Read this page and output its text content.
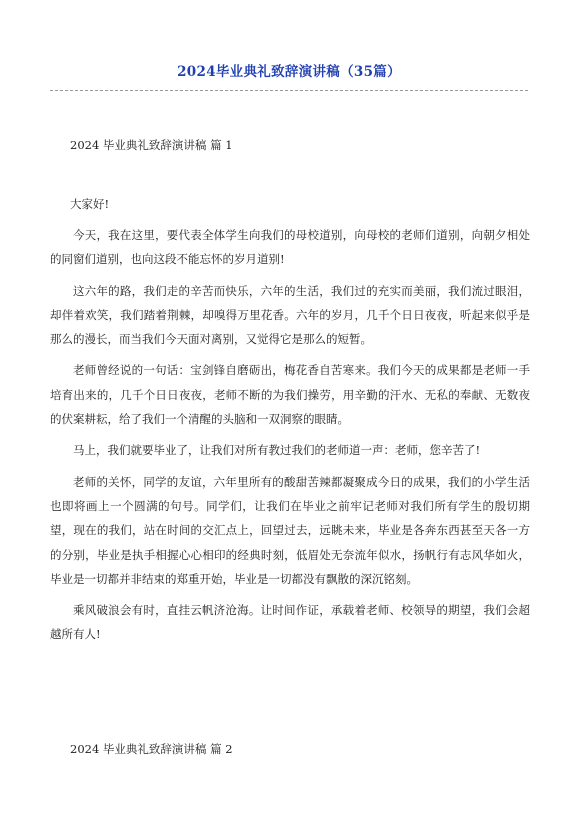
2024毕业典礼致辞演讲稿（35篇）
2024 毕业典礼致辞演讲稿 篇 1
大家好!

今天，我在这里，要代表全体学生向我们的母校道别，向母校的老师们道别，向朝夕相处的同窗们道别，也向这段不能忘怀的岁月道别!

这六年的路，我们走的辛苦而快乐，六年的生活，我们过的充实而美丽，我们流过眼泪，却伴着欢笑，我们踏着荆棘，却嗅得万里花香。六年的岁月，几千个日日夜夜，听起来似乎是那么的漫长，而当我们今天面对离别，又觉得它是那么的短暂。

老师曾经说的一句话：宝剑锋自磨砺出，梅花香自苦寒来。我们今天的成果都是老师一手培育出来的，几千个日日夜夜，老师不断的为我们操劳，用辛勤的汗水、无私的奉献、无数夜的伏案耕耘，给了我们一个清醒的头脑和一双洞察的眼睛。

马上，我们就要毕业了，让我们对所有教过我们的老师道一声：老师，您辛苦了!

老师的关怀，同学的友谊，六年里所有的酸甜苦辣都凝聚成今日的成果，我们的小学生活也即将画上一个圆满的句号。同学们，让我们在毕业之前牢记老师对我们所有学生的殷切期望，现在的我们，站在时间的交汇点上，回望过去，远眺未来，毕业是各奔东西甚至天各一方的分别，毕业是执手相握心心相印的经典时刻，低眉处无奈流年似水，扬帆行有志风华如火，毕业是一切都并非结束的郑重开始，毕业是一切都没有飘散的深沉铭刻。

乘风破浪会有时，直挂云帆济沧海。让时间作证，承载着老师、校领导的期望，我们会超越所有人!

2024 毕业典礼致辞演讲稿 篇 2
